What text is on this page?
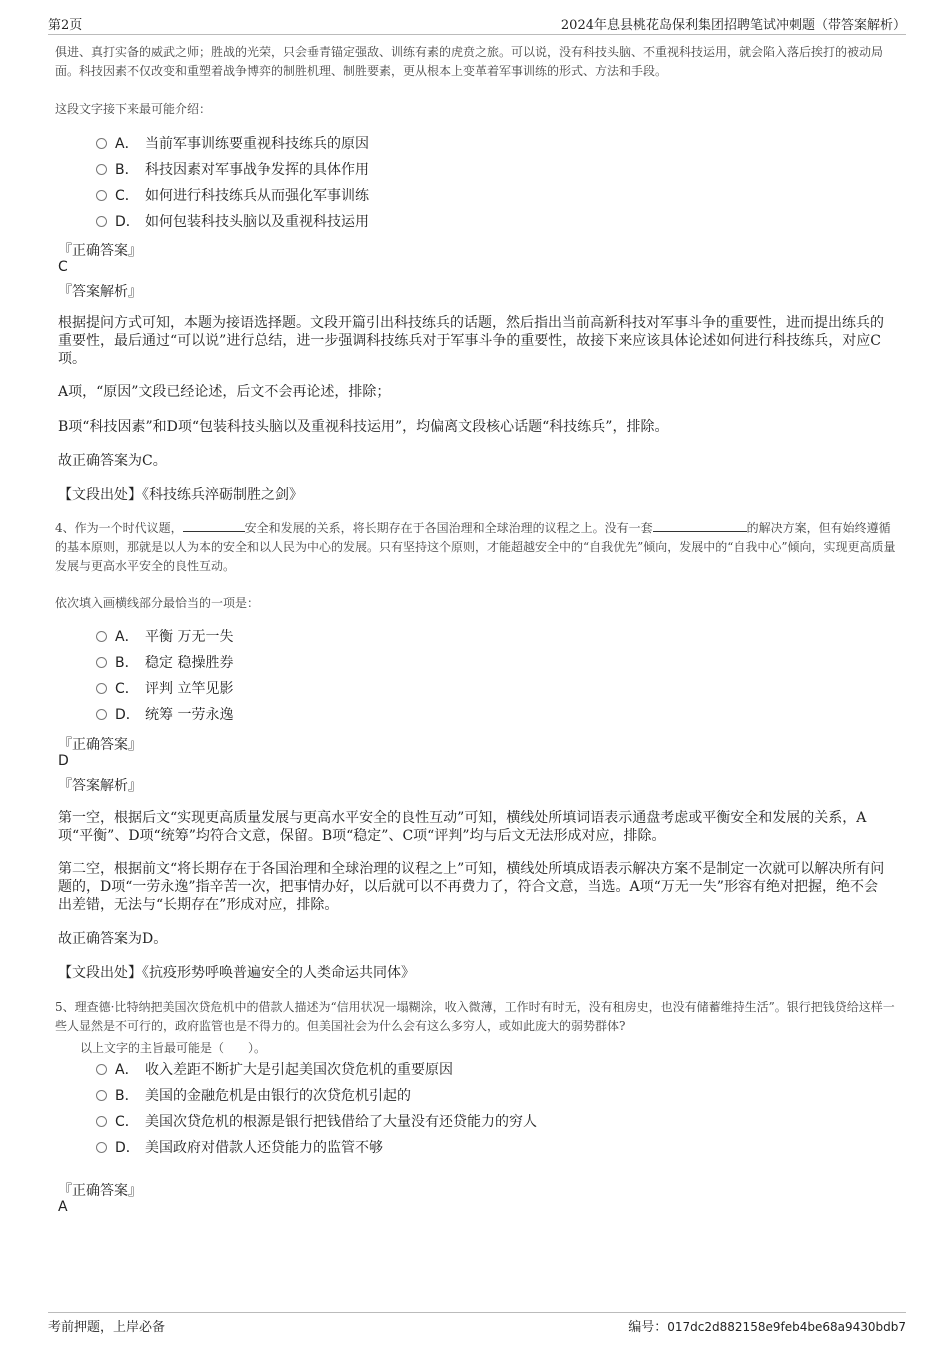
第2页	2024年息县桃花岛保利集团招聘笔试冲刺题（带答案解析）
俱进、真打实备的威武之师；胜战的光荣，只会垂青锚定强敌、训练有素的虎贲之旅。可以说，没有科技头脑、不重视科技运用，就会陷入落后挨打的被动局面。科技因素不仅改变和重塑着战争博弈的制胜机理、制胜要素，更从根本上变革着军事训练的形式、方法和手段。
这段文字接下来最可能介绍：
A． 当前军事训练要重视科技练兵的原因
B． 科技因素对军事战争发挥的具体作用
C． 如何进行科技练兵从而强化军事训练
D． 如何包装科技头脑以及重视科技运用
『正确答案』
C
『答案解析』
根据提问方式可知，本题为接语选择题。文段开篇引出科技练兵的话题，然后指出当前高新科技对军事斗争的重要性，进而提出练兵的重要性，最后通过“可以说”进行总结，进一步强调科技练兵对于军事斗争的重要性，故接下来应该具体论述如何进行科技练兵，对应C项。
A项，“原因”文段已经论述，后文不会再论述，排除；
B项“科技因素”和D项“包装科技头脑以及重视科技运用”，均偏离文段核心话题“科技练兵”，排除。
故正确答案为C。
【文段出处】《科技练兵淬砺制胜之剑》
4、作为一个时代议题，	安全和发展的关系，将长期存在于各国治理和全球治理的议程之上。没有一套	的解决方案，但有始终遵循的基本原则，那就是以人为本的安全和以人民为中心的发展。只有坚持这个原则，才能超越安全中的“自我优先”倾向，发展中的“自我中心”倾向，实现更高质量发展与更高水平安全的良性互动。
依次填入画横线部分最恰当的一项是：
A． 平衡 万无一失
B． 稳定 稳操胜券
C． 评判 立竿见影
D． 统筹 一劳永逸
『正确答案』
D
『答案解析』
第一空，根据后文“实现更高质量发展与更高水平安全的良性互动”可知，横线处所填词语表示通盘考虑或平衡安全和发展的关系，A项“平衡”、D项“统筹”均符合文意，保留。B项“稳定”、C项“评判”均与后文无法形成对应，排除。
第二空，根据前文“将长期存在于各国治理和全球治理的议程之上”可知，横线处所填成语表示解决方案不是制定一次就可以解决所有问题的，D项“一劳永逸”指辛苦一次，把事情办好，以后就可以不再费力了，符合文意，当选。A项“万无一失”形容有绝对把握，绝不会出差错，无法与“长期存在”形成对应，排除。
故正确答案为D。
【文段出处】《抗疫形势呼唤普遍安全的人类命运共同体》
5、理查德·比特纳把美国次贷危机中的借款人描述为“信用状况一塌糊涂，收入微薄，工作时有时无，没有租房史，也没有储蓄维持生活”。银行把钱贷给这样一些人显然是不可行的，政府监管也是不得力的。但美国社会为什么会有这么多穷人，或如此庞大的弱势群体?
以上文字的主旨最可能是（　　）。
A． 收入差距不断扩大是引起美国次贷危机的重要原因
B． 美国的金融危机是由银行的次贷危机引起的
C． 美国次贷危机的根源是银行把钱借给了大量没有还贷能力的穷人
D． 美国政府对借款人还贷能力的监管不够
『正确答案』
A
考前押题，上岸必备	编号：017dc2d882158e9feb4be68a9430bdb7
